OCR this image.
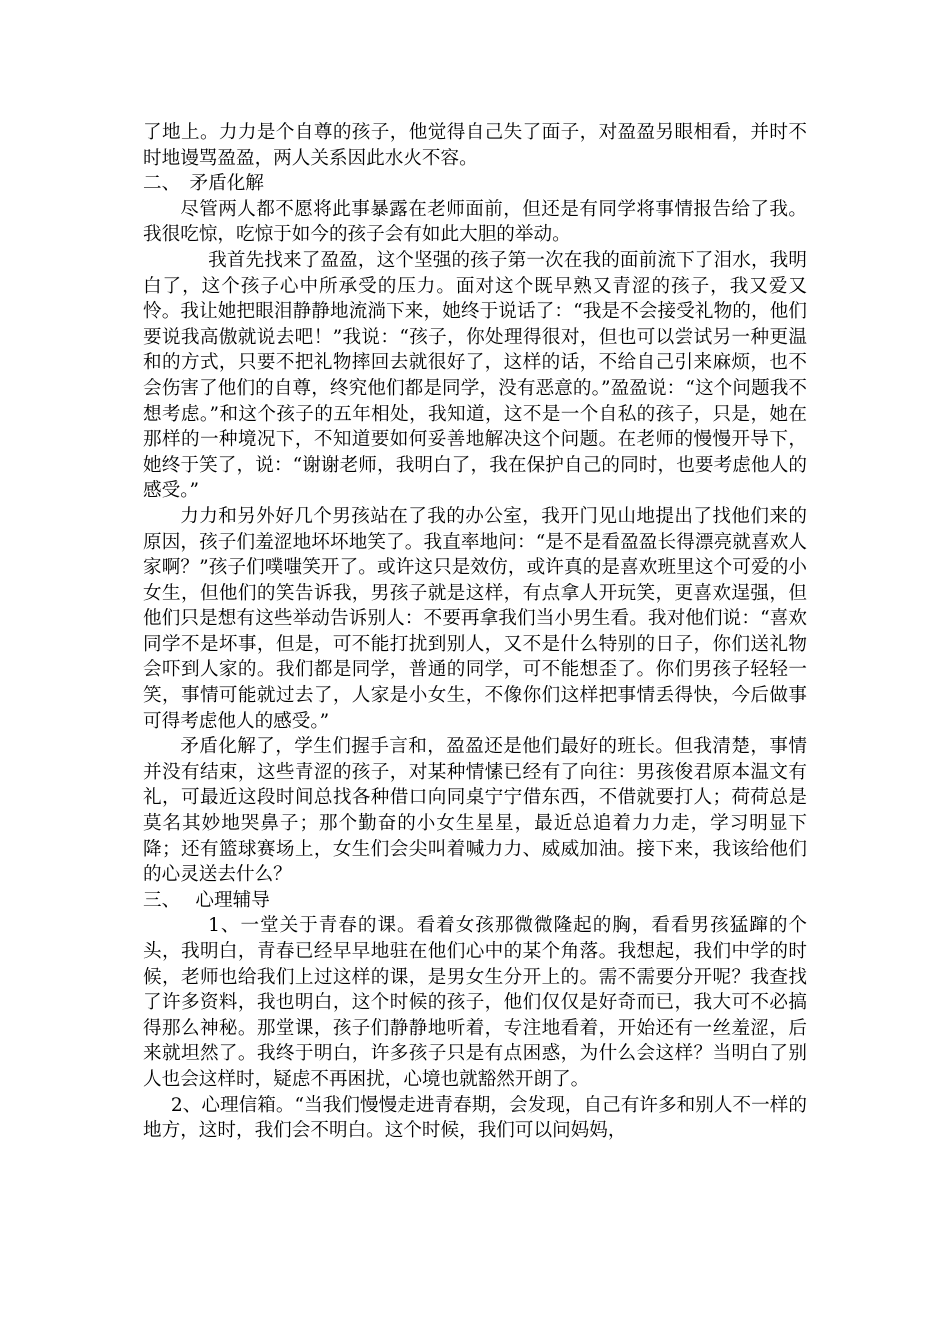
了地上。力力是个自尊的孩子，他觉得自己失了面子，对盈盈另眼相看，并时不时地谩骂盈盈，两人关系因此水火不容。

二、 矛盾化解

尽管两人都不愿将此事暴露在老师面前，但还是有同学将事情报告给了我。我很吃惊，吃惊于如今的孩子会有如此大胆的举动。

我首先找来了盈盈，这个坚强的孩子第一次在我的面前流下了泪水，我明白了，这个孩子心中所承受的压力。面对这个既早熟又青涩的孩子，我又爱又怜。我让她把眼泪静静地流淌下来，她终于说话了：“我是不会接受礼物的，他们要说我高傲就说去吧！”我说：“孩子，你处理得很对，但也可以尝试另一种更温和的方式，只要不把礼物摔回去就很好了，这样的话，不给自己引来麻烦，也不会伤害了他们的自尊，终究他们都是同学，没有恶意的。”盈盈说：“这个问题我不想考虑。”和这个孩子的五年相处，我知道，这不是一个自私的孩子，只是，她在那样的一种境况下，不知道要如何妥善地解决这个问题。在老师的慢慢开导下，她终于笑了，说：“谢谢老师，我明白了，我在保护自己的同时，也要考虑他人的感受。”

力力和另外好几个男孩站在了我的办公室，我开门见山地提出了找他们来的原因，孩子们羞涩地坏坏地笑了。我直率地问：“是不是看盈盈长得漂亮就喜欢人家啊？”孩子们噗嗤笑开了。或许这只是效仿，或许真的是喜欢班里这个可爱的小女生，但他们的笑告诉我，男孩子就是这样，有点拿人开玩笑，更喜欢逞强，但他们只是想有这些举动告诉别人：不要再拿我们当小男生看。我对他们说：“喜欢同学不是坏事，但是，可不能打扰到别人，又不是什么特别的日子，你们送礼物会吓到人家的。我们都是同学，普通的同学，可不能想歪了。你们男孩子轻轻一笑，事情可能就过去了，人家是小女生，不像你们这样把事情丢得快，今后做事可得考虑他人的感受。”

矛盾化解了，学生们握手言和，盈盈还是他们最好的班长。但我清楚，事情并没有结束，这些青涩的孩子，对某种情愫已经有了向往：男孩俊君原本温文有礼，可最近这段时间总找各种借口向同桌宁宁借东西，不借就要打人；荷荷总是莫名其妙地哭鼻子；那个勤奋的小女生星星，最近总追着力力走，学习明显下降；还有篮球赛场上，女生们会尖叫着喊力力、威威加油。接下来，我该给他们的心灵送去什么？

三、 心理辅导

1、一堂关于青春的课。看着女孩那微微隆起的胸，看看男孩猛蹿的个头，我明白，青春已经早早地驻在他们心中的某个角落。我想起，我们中学的时候，老师也给我们上过这样的课，是男女生分开上的。需不需要分开呢？我查找了许多资料，我也明白，这个时候的孩子，他们仅仅是好奇而已，我大可不必搞得那么神秘。那堂课，孩子们静静地听着，专注地看着，开始还有一丝羞涩，后来就坦然了。我终于明白，许多孩子只是有点困惑，为什么会这样？当明白了别人也会这样时，疑虑不再困扰，心境也就豁然开朗了。

2、心理信箱。“当我们慢慢走进青春期，会发现，自己有许多和别人不一样的地方，这时，我们会不明白。这个时候，我们可以问妈妈，
